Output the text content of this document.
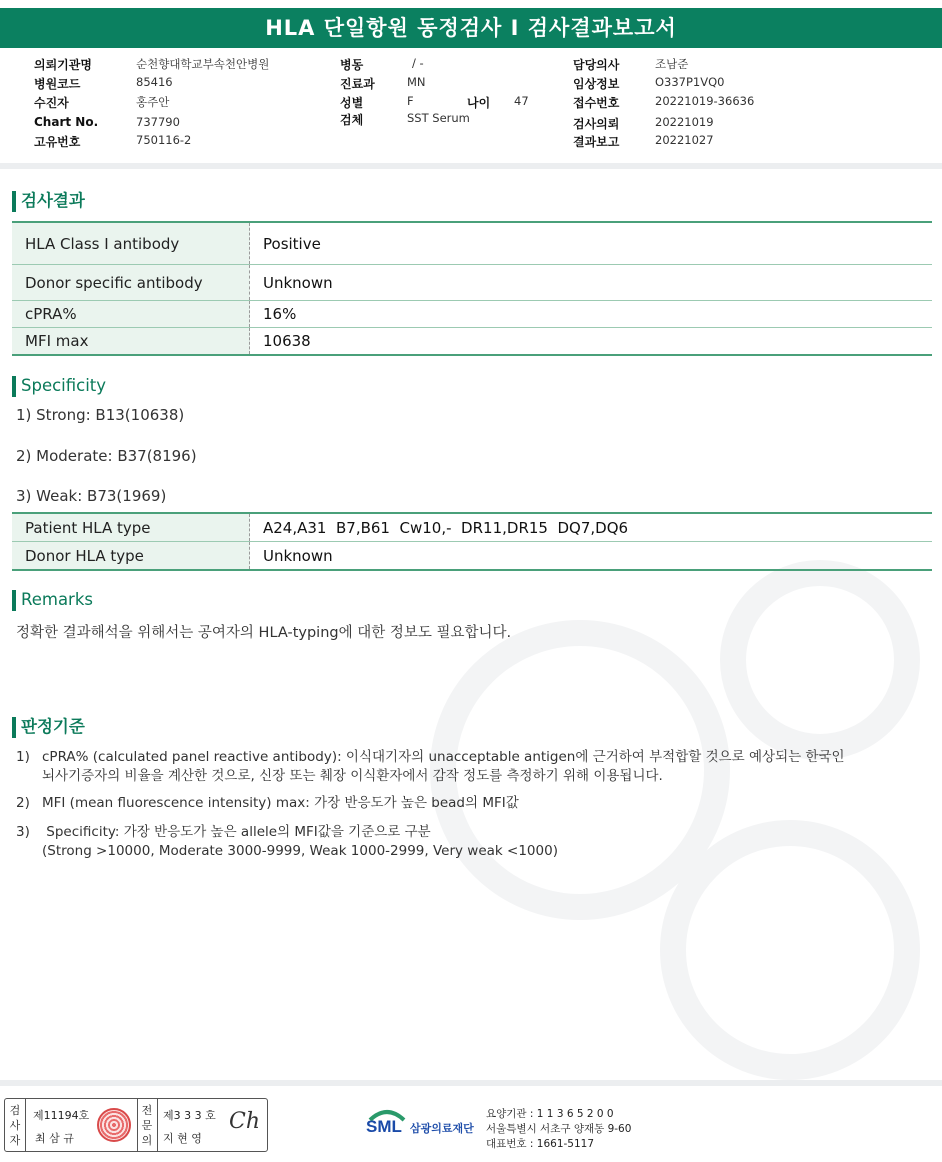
HLA 단일항원 동정검사 I 검사결과보고서
의뢰기관명	순천향대학교부속천안병원	병동	/ -	담당의사	조남준
병원코드	85416	진료과	MN	임상정보	O337P1VQ0
수진자	홍주안	성별	F	나이 47	접수번호	20221019-36636
Chart No.	737790	검체	SST Serum	검사의뢰	20221019
고유번호	750116-2	결과보고	20221027
검사결과
HLA Class I antibody	Positive
Donor specific antibody	Unknown
cPRA%	16%
MFI max	10638
Specificity
1) Strong: B13(10638)
2) Moderate: B37(8196)
3) Weak: B73(1969)
Patient HLA type	A24,A31  B7,B61  Cw10,-  DR11,DR15  DQ7,DQ6
Donor HLA type	Unknown
Remarks
정확한 결과해석을 위해서는 공여자의 HLA-typing에 대한 정보도 필요합니다.
판정기준
1) cPRA% (calculated panel reactive antibody): 이식대기자의 unacceptable antigen에 근거하여 부적합할 것으로 예상되는 한국인
뇌사기증자의 비율을 계산한 것으로, 신장 또는 췌장 이식환자에서 감작 정도를 측정하기 위해 이용됩니다.
2) MFI (mean fluorescence intensity) max: 가장 반응도가 높은 bead의 MFI값
3) Specificity: 가장 반응도가 높은 allele의 MFI값을 기준으로 구분
(Strong >10000, Moderate 3000-9999, Weak 1000-2999, Very weak <1000)
검사자
제11194호
최 삼 규
전문의
제3 3 3 호
지 현 영
Ch	SML 삼광의료재단
요양기관 : 1 1 3 6 5 2 0 0
서울특별시 서초구 양재동 9-60
대표번호 : 1661-5117
